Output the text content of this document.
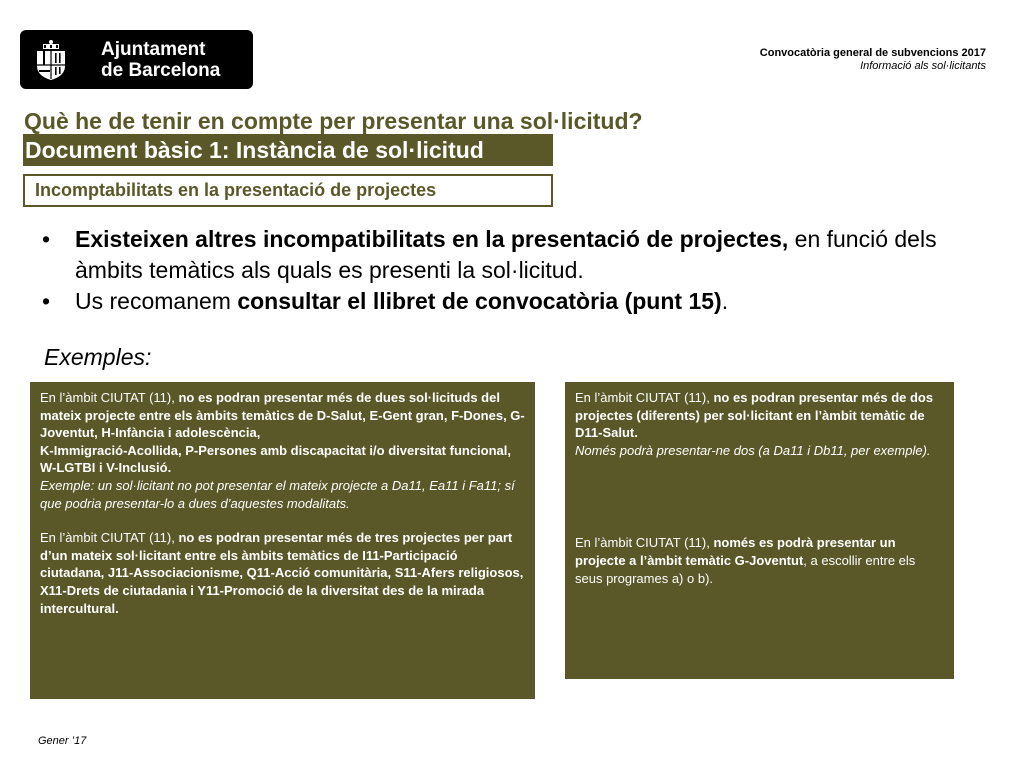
Ajuntament
de Barcelona
Convocatòria general de subvencions 2017
Informació als sol·licitants
Què he de tenir en compte per presentar una sol·licitud?
Document bàsic 1: Instància de sol·licitud
Incomptabilitats en la presentació de projectes
• Existeixen altres incompatibilitats en la presentació de projectes, en funció dels àmbits temàtics als quals es presenti la sol·licitud.
• Us recomanem consultar el llibret de convocatòria (punt 15).
Exemples:

En l’àmbit CIUTAT (11), no es podran presentar més de dues sol·licituds del mateix projecte entre els àmbits temàtics de D-Salut, E-Gent gran, F-Dones, G-Joventut, H-Infància i adolescència,

K-Immigració-Acollida, P-Persones amb discapacitat i/o diversitat funcional, W-LGTBI i V-Inclusió.

Exemple: un sol·licitant no pot presentar el mateix projecte a Da11, Ea11 i Fa11; sí que podria presentar-lo a dues d’aquestes modalitats.

En l’àmbit CIUTAT (11), no es podran presentar més de tres projectes per part d’un mateix sol·licitant entre els àmbits temàtics de I11-Participació ciutadana, J11-Associacionisme, Q11-Acció comunitària, S11-Afers religiosos, X11-Drets de ciutadania i Y11-Promoció de la diversitat des de la mirada intercultural.

En l’àmbit CIUTAT (11), no es podran presentar més de dos projectes (diferents) per sol·licitant en l’àmbit temàtic de D11-Salut.

Només podrà presentar-ne dos (a Da11 i Db11, per exemple).

En l’àmbit CIUTAT (11), només es podrà presentar un projecte a l’àmbit temàtic G-Joventut, a escollir entre els seus programes a) o b).

Gener ’17
